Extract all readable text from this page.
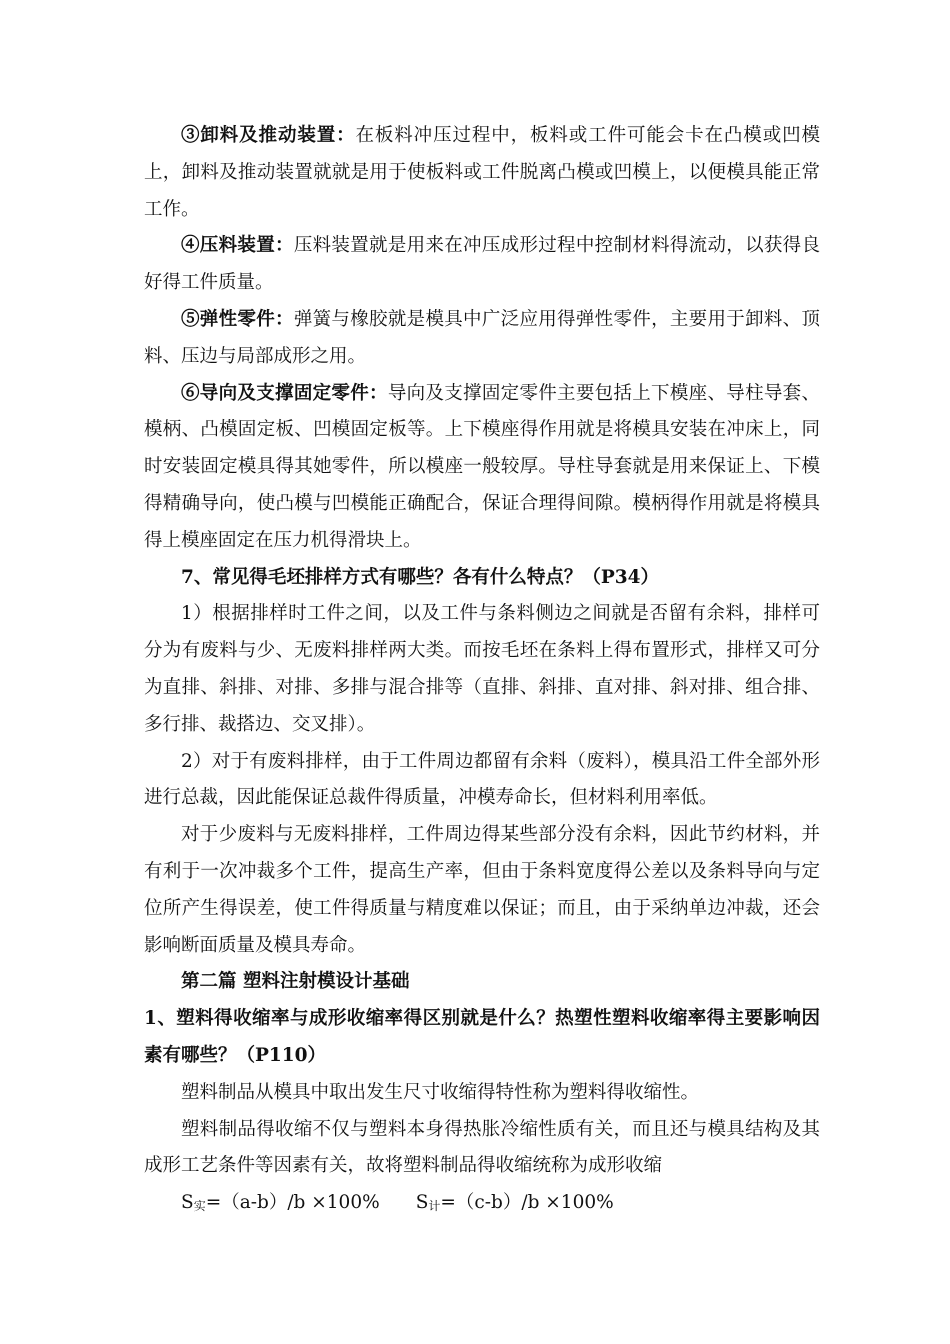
③卸料及推动装置：在板料冲压过程中，板料或工件可能会卡在凸模或凹模上，卸料及推动装置就就是用于使板料或工件脱离凸模或凹模上，以便模具能正常工作。

④压料装置：压料装置就是用来在冲压成形过程中控制材料得流动，以获得良好得工件质量。

⑤弹性零件：弹簧与橡胶就是模具中广泛应用得弹性零件，主要用于卸料、顶料、压边与局部成形之用。

⑥导向及支撑固定零件：导向及支撑固定零件主要包括上下模座、导柱导套、模柄、凸模固定板、凹模固定板等。上下模座得作用就是将模具安装在冲床上，同时安装固定模具得其她零件，所以模座一般较厚。导柱导套就是用来保证上、下模得精确导向，使凸模与凹模能正确配合，保证合理得间隙。模柄得作用就是将模具得上模座固定在压力机得滑块上。

7、常见得毛坯排样方式有哪些？各有什么特点？（P34）

1）根据排样时工件之间，以及工件与条料侧边之间就是否留有余料，排样可分为有废料与少、无废料排样两大类。而按毛坯在条料上得布置形式，排样又可分为直排、斜排、对排、多排与混合排等（直排、斜排、直对排、斜对排、组合排、多行排、裁搭边、交叉排）。

2）对于有废料排样，由于工件周边都留有余料（废料），模具沿工件全部外形进行总裁，因此能保证总裁件得质量，冲模寿命长，但材料利用率低。

对于少废料与无废料排样，工件周边得某些部分没有余料，因此节约材料，并有利于一次冲裁多个工件，提高生产率，但由于条料宽度得公差以及条料导向与定位所产生得误差，使工件得质量与精度难以保证；而且，由于采纳单边冲裁，还会影响断面质量及模具寿命。

第二篇 塑料注射模设计基础

1、塑料得收缩率与成形收缩率得区别就是什么？热塑性塑料收缩率得主要影响因素有哪些？（P110）

塑料制品从模具中取出发生尺寸收缩得特性称为塑料得收缩性。

塑料制品得收缩不仅与塑料本身得热胀冷缩性质有关，而且还与模具结构及其成形工艺条件等因素有关，故将塑料制品得收缩统称为成形收缩

S实=（a-b）/b ×100% S计=（c-b）/b ×100%
